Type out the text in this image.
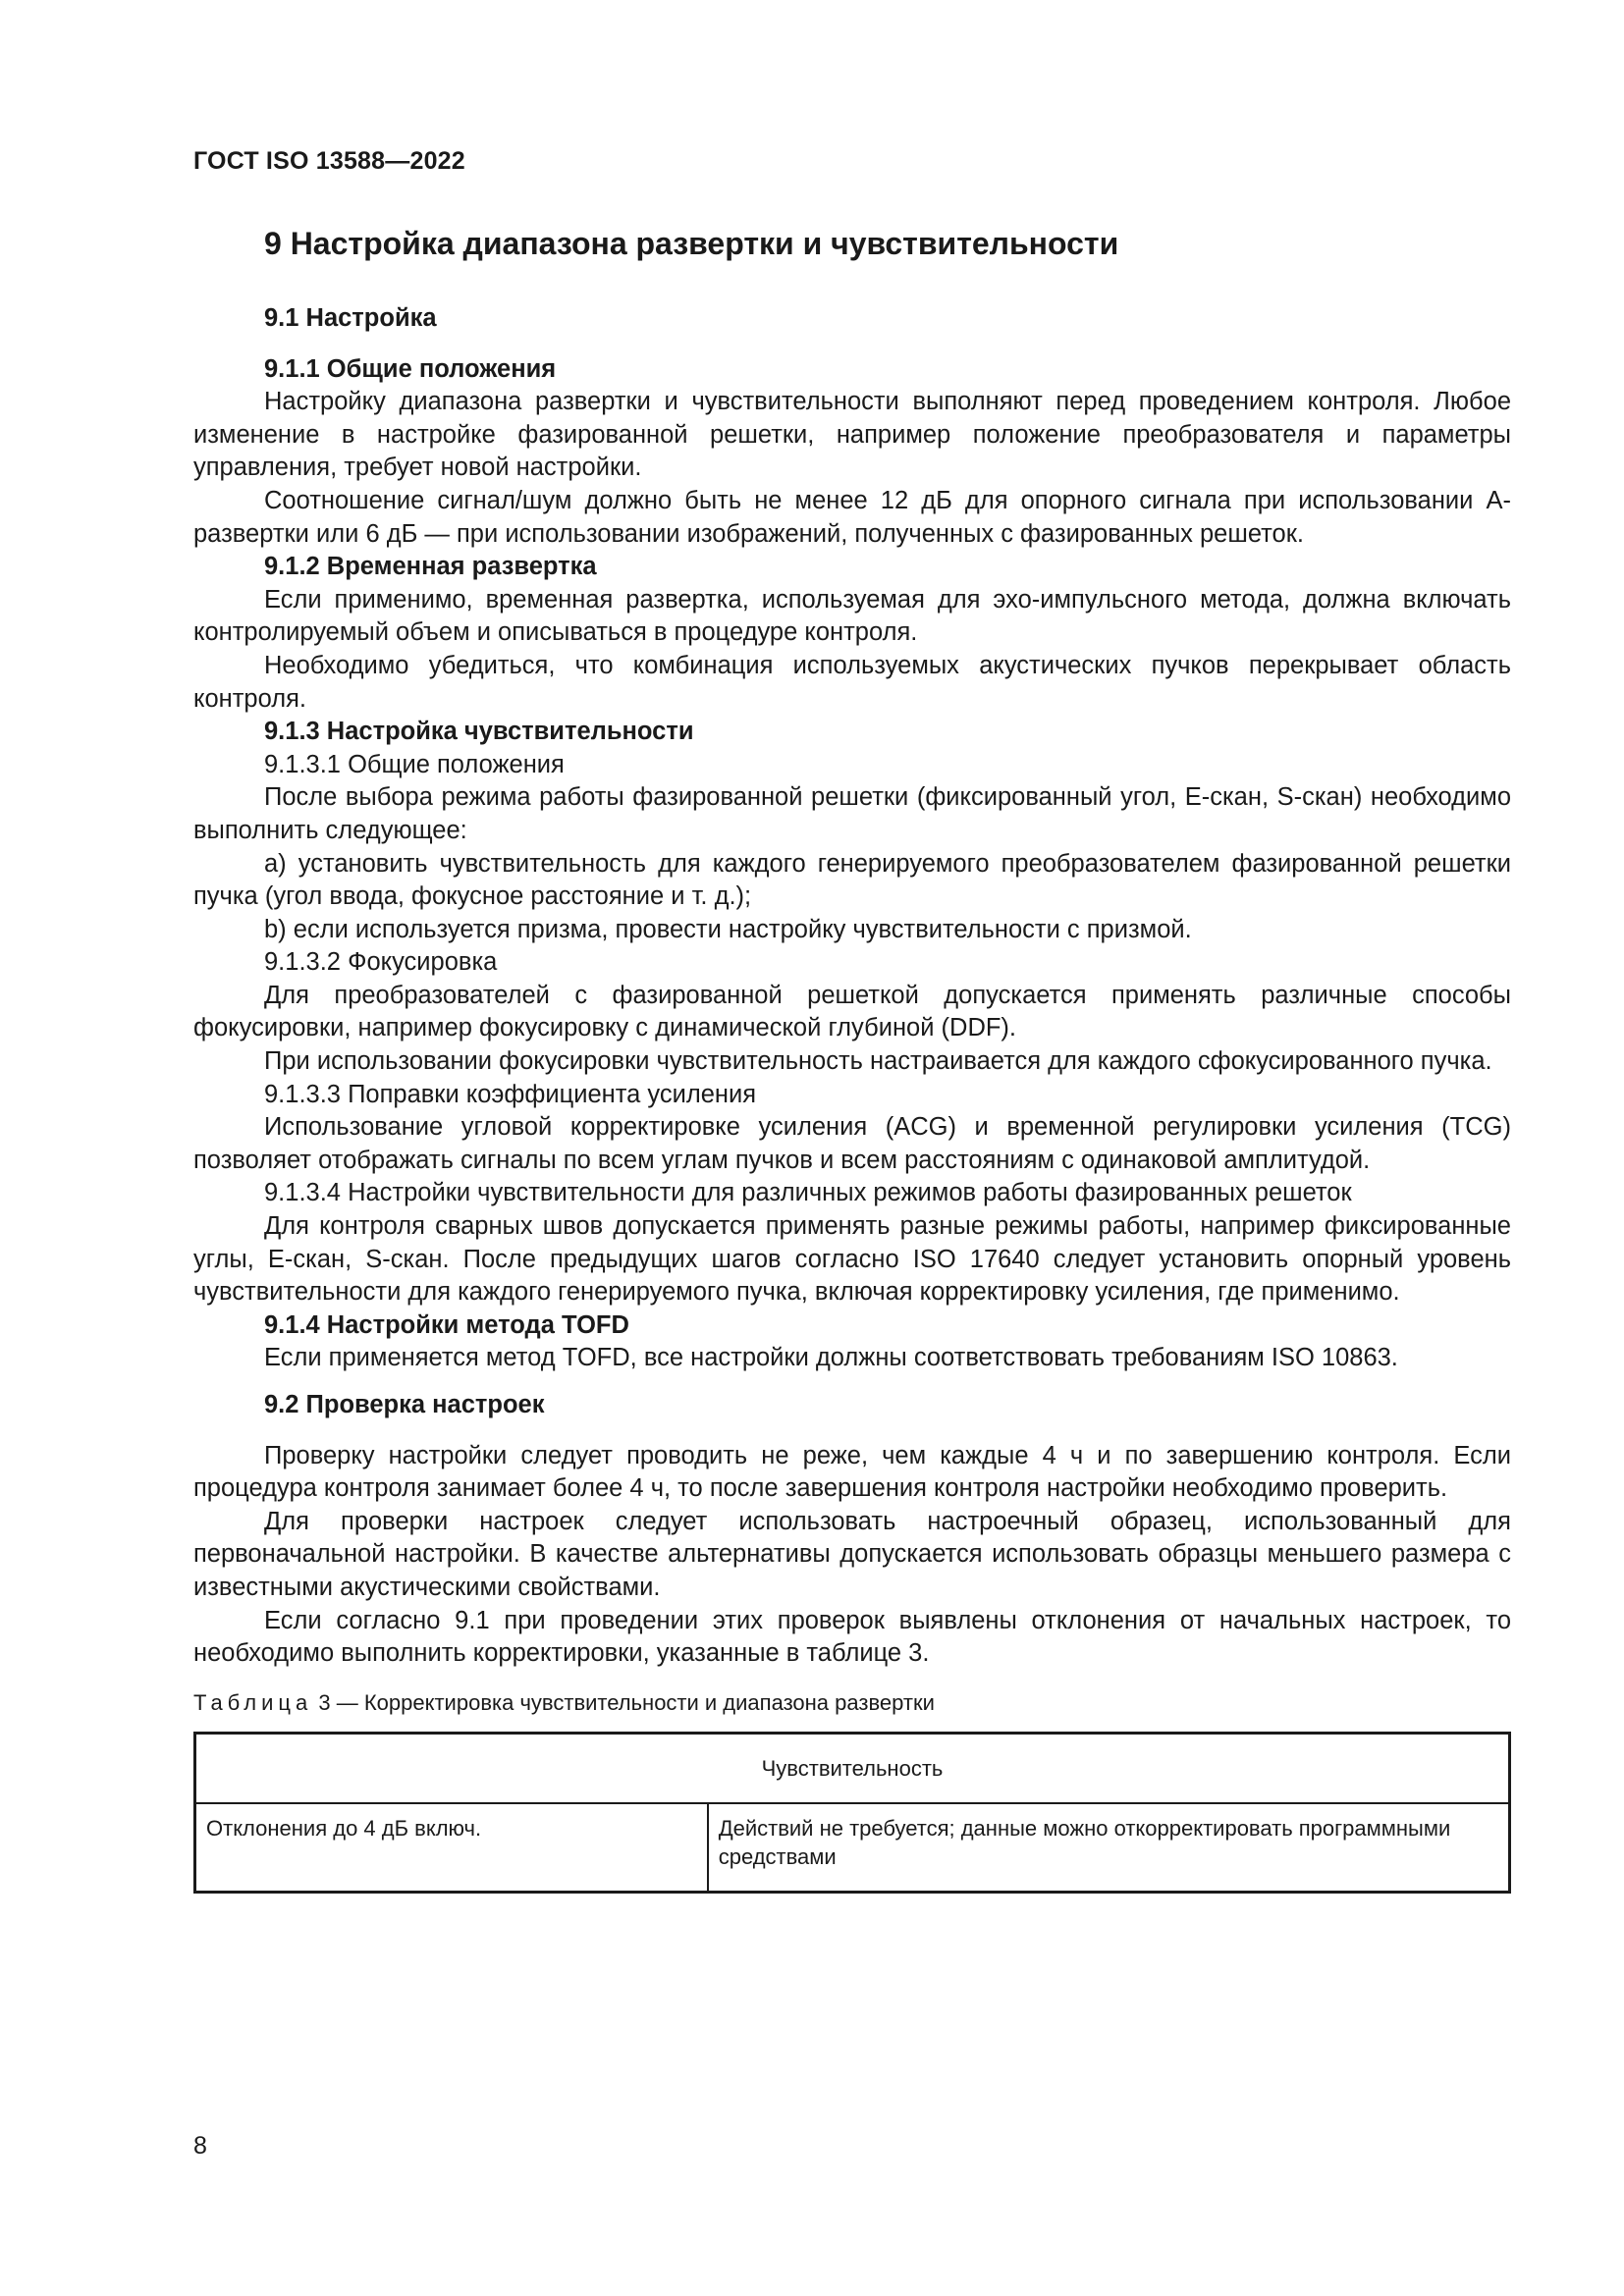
ГОСТ ISO 13588—2022
9 Настройка диапазона развертки и чувствительности
9.1 Настройка
9.1.1 Общие положения

Настройку диапазона развертки и чувствительности выполняют перед проведением контроля. Любое изменение в настройке фазированной решетки, например положение преобразователя и параметры управления, требует новой настройки.

Соотношение сигнал/шум должно быть не менее 12 дБ для опорного сигнала при использовании А-развертки или 6 дБ — при использовании изображений, полученных с фазированных решеток.

9.1.2 Временная развертка

Если применимо, временная развертка, используемая для эхо-импульсного метода, должна включать контролируемый объем и описываться в процедуре контроля.

Необходимо убедиться, что комбинация используемых акустических пучков перекрывает область контроля.

9.1.3 Настройка чувствительности
9.1.3.1 Общие положения

После выбора режима работы фазированной решетки (фиксированный угол, Е-скан, S-скан) необходимо выполнить следующее:

а) установить чувствительность для каждого генерируемого преобразователем фазированной решетки пучка (угол ввода, фокусное расстояние и т. д.);

b) если используется призма, провести настройку чувствительности с призмой.

9.1.3.2 Фокусировка

Для преобразователей с фазированной решеткой допускается применять различные способы фокусировки, например фокусировку с динамической глубиной (DDF).

При использовании фокусировки чувствительность настраивается для каждого сфокусированного пучка.

9.1.3.3 Поправки коэффициента усиления

Использование угловой корректировке усиления (ACG) и временной регулировки усиления (TCG) позволяет отображать сигналы по всем углам пучков и всем расстояниям с одинаковой амплитудой.

9.1.3.4 Настройки чувствительности для различных режимов работы фазированных решеток

Для контроля сварных швов допускается применять разные режимы работы, например фиксированные углы, Е-скан, S-скан. После предыдущих шагов согласно ISO 17640 следует установить опорный уровень чувствительности для каждого генерируемого пучка, включая корректировку усиления, где применимо.

9.1.4 Настройки метода TOFD

Если применяется метод TOFD, все настройки должны соответствовать требованиям ISO 10863.

9.2 Проверка настроек

Проверку настройки следует проводить не реже, чем каждые 4 ч и по завершению контроля. Если процедура контроля занимает более 4 ч, то после завершения контроля настройки необходимо проверить.

Для проверки настроек следует использовать настроечный образец, использованный для первоначальной настройки. В качестве альтернативы допускается использовать образцы меньшего размера с известными акустическими свойствами.

Если согласно 9.1 при проведении этих проверок выявлены отклонения от начальных настроек, то необходимо выполнить корректировки, указанные в таблице 3.

Таблица 3 — Корректировка чувствительности и диапазона развертки
Чувствительность
Отклонения до 4 дБ включ.	Действий не требуется; данные можно откорректировать программными средствами
8
